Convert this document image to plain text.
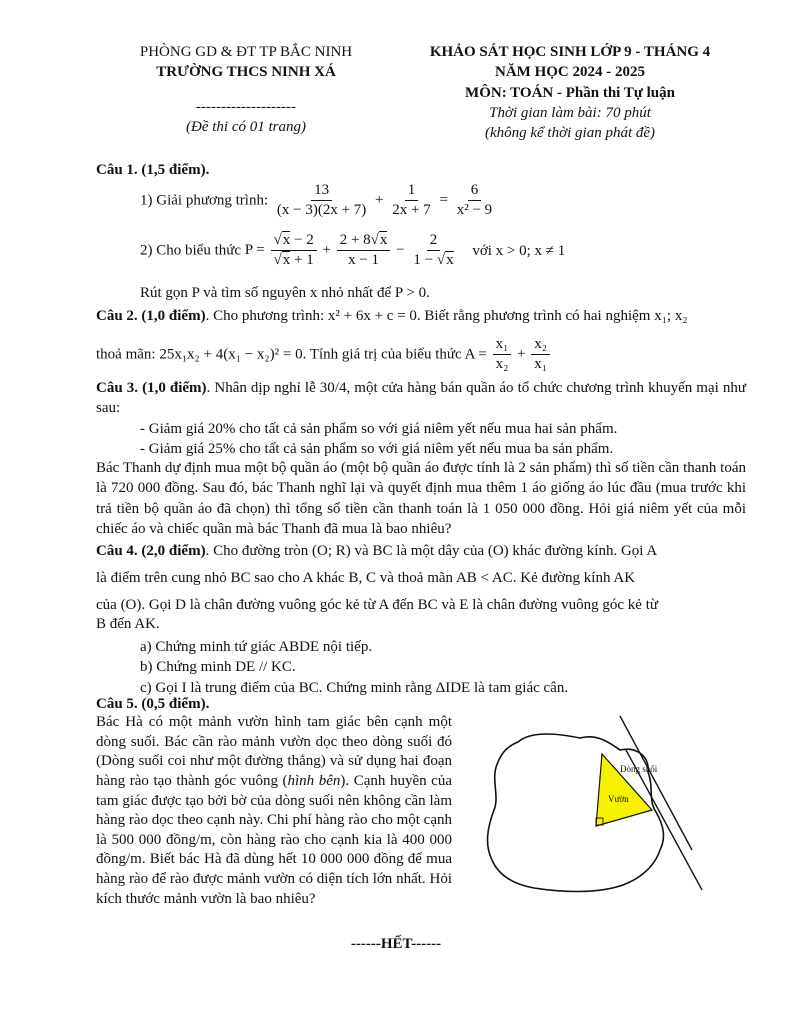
PHÒNG GD & ĐT TP BẮC NINH
TRƯỜNG THCS NINH XÁ
--------------------
(Đề thi có 01 trang)
KHẢO SÁT HỌC SINH LỚP 9 - THÁNG 4
NĂM HỌC 2024 - 2025
MÔN: TOÁN - Phần thi Tự luận
Thời gian làm bài: 70 phút
(không kể thời gian phát đề)
Câu 1. (1,5 điểm).
1) Giải phương trình: $\frac{13}{(x - 3)(2x + 7)} + \frac{1}{2x + 7} = \frac{6}{\text{x² − 9}}$
2) Cho biểu thức $P = \frac{√x - 2}{√x + 1} + \frac{2 + 8√x}{x - 1} - \frac{2}{1 - √x}$ với x > 0; x ≠ 1
Rút gọn P và tìm số nguyên x nhỏ nhất để P > 0.
Câu 2. (1,0 điểm). Cho phương trình: x² + 6x + c = 0. Biết rằng phương trình có hai nghiệm x₁; x₂
thoả mãn: 25x₁x₂ + 4(x₁ − x₂)² = 0. Tính giá trị của biểu thức $A = \frac{\text{x₁}}{\text{x₂}} + \frac{\text{x₂}}{\text{x₁}}$
Câu 3. (1,0 điểm). Nhân dịp nghỉ lễ 30/4, một cửa hàng bán quần áo tổ chức chương trình khuyến mại như sau:
- Giảm giá 20% cho tất cả sản phẩm so với giá niêm yết nếu mua hai sản phẩm.
- Giảm giá 25% cho tất cả sản phẩm so với giá niêm yết nếu mua ba sản phẩm.
Bác Thanh dự định mua một bộ quần áo (một bộ quần áo được tính là 2 sản phẩm) thì số tiền cần thanh toán là 720 000 đồng. Sau đó, bác Thanh nghĩ lại và quyết định mua thêm 1 áo giống áo lúc đầu (mua trước khi trả tiền bộ quần áo đã chọn) thì tổng số tiền cần thanh toán là 1 050 000 đồng. Hỏi giá niêm yết của mỗi chiếc áo và chiếc quần mà bác Thanh đã mua là bao nhiêu?
Câu 4. (2,0 điểm). Cho đường tròn (O; R) và BC là một dây của (O) khác đường kính. Gọi A
là điểm trên cung nhỏ BC sao cho A khác B, C và thoả mãn AB < AC. Kẻ đường kính AK
của (O). Gọi D là chân đường vuông góc kẻ từ A đến BC và E là chân đường vuông góc kẻ từ
B đến AK.
a) Chứng minh tứ giác ABDE nội tiếp.
b) Chứng minh DE // KC.
c) Gọi I là trung điểm của BC. Chứng minh rằng ΔIDE là tam giác cân.
Câu 5. (0,5 điểm).
Bác Hà có một mảnh vườn hình tam giác bên cạnh một dòng suối. Bác cần rào mảnh vườn dọc theo dòng suối đó (Dòng suối coi như một đường thẳng) và sử dụng hai đoạn hàng rào tạo thành góc vuông (hình bên). Cạnh huyền của tam giác được tạo bởi bờ của dòng suối nên không cần làm hàng rào dọc theo cạnh này. Chi phí hàng rào cho một cạnh là 500 000 đồng/m, còn hàng rào cho cạnh kia là 400 000 đồng/m. Biết bác Hà đã dùng hết 10 000 000 đồng để mua hàng rào để rào được mảnh vườn có diện tích lớn nhất. Hỏi kích thước mảnh vườn là bao nhiêu?
Dòng suối
Vườn
------HẾT------
